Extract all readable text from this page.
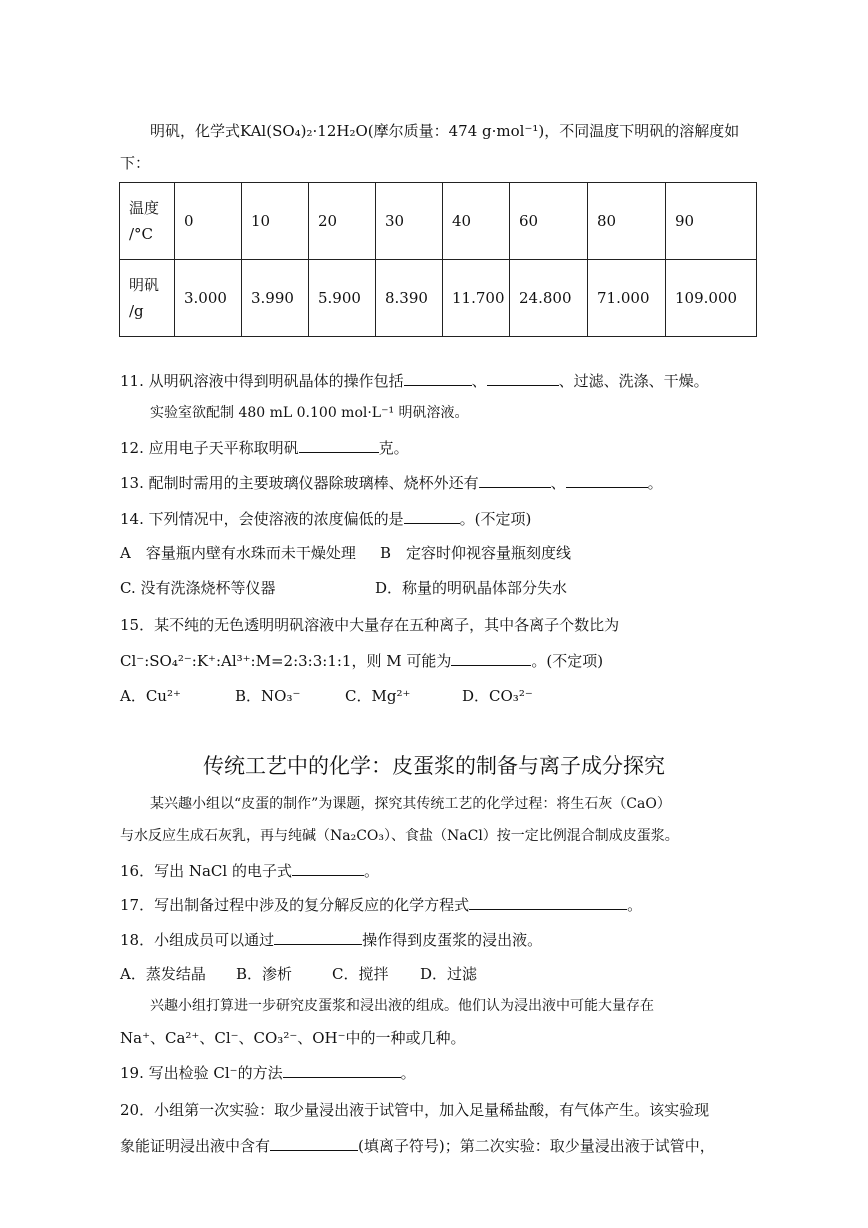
明矾，化学式KAl(SO₄)₂·12H₂O(摩尔质量：474 g·mol⁻¹)，不同温度下明矾的溶解度如
下：
温度
/°C	0	10	20	30	40	60	80	90

明矾
/g	3.000	3.990	5.900	8.390	11.700	24.800	71.000	109.000
11. 从明矾溶液中得到明矾晶体的操作包括	、	、过滤、洗涤、干燥。
实验室欲配制 480 mL 0.100 mol·L⁻¹ 明矾溶液。
12. 应用电子天平称取明矾	克。
13. 配制时需用的主要玻璃仪器除玻璃棒、烧杯外还有	、	。
14. 下列情况中，会使溶液的浓度偏低的是	。(不定项)
A　容量瓶内壁有水珠而未干燥处理 B　定容时仰视容量瓶刻度线
C. 没有洗涤烧杯等仪器	D．称量的明矾晶体部分失水
15．某不纯的无色透明明矾溶液中大量存在五种离子，其中各离子个数比为
Cl⁻:SO₄²⁻:K⁺:Al³⁺:M=2:3:3:1:1，则 M 可能为	。(不定项)
A．Cu²⁺	B．NO₃⁻	C．Mg²⁺	D．CO₃²⁻
传统工艺中的化学：皮蛋浆的制备与离子成分探究
某兴趣小组以“皮蛋的制作”为课题，探究其传统工艺的化学过程：将生石灰（CaO）
与水反应生成石灰乳，再与纯碱（Na₂CO₃）、食盐（NaCl）按一定比例混合制成皮蛋浆。
16．写出 NaCl 的电子式	。
17．写出制备过程中涉及的复分解反应的化学方程式	。
18．小组成员可以通过	操作得到皮蛋浆的浸出液。
A．蒸发结晶 B．渗析	C．搅拌 D．过滤
兴趣小组打算进一步研究皮蛋浆和浸出液的组成。他们认为浸出液中可能大量存在
Na⁺、Ca²⁺、Cl⁻、CO₃²⁻、OH⁻中的一种或几种。
19. 写出检验 Cl⁻的方法	。
20．小组第一次实验：取少量浸出液于试管中，加入足量稀盐酸，有气体产生。该实验现
象能证明浸出液中含有	(填离子符号)；第二次实验：取少量浸出液于试管中，
